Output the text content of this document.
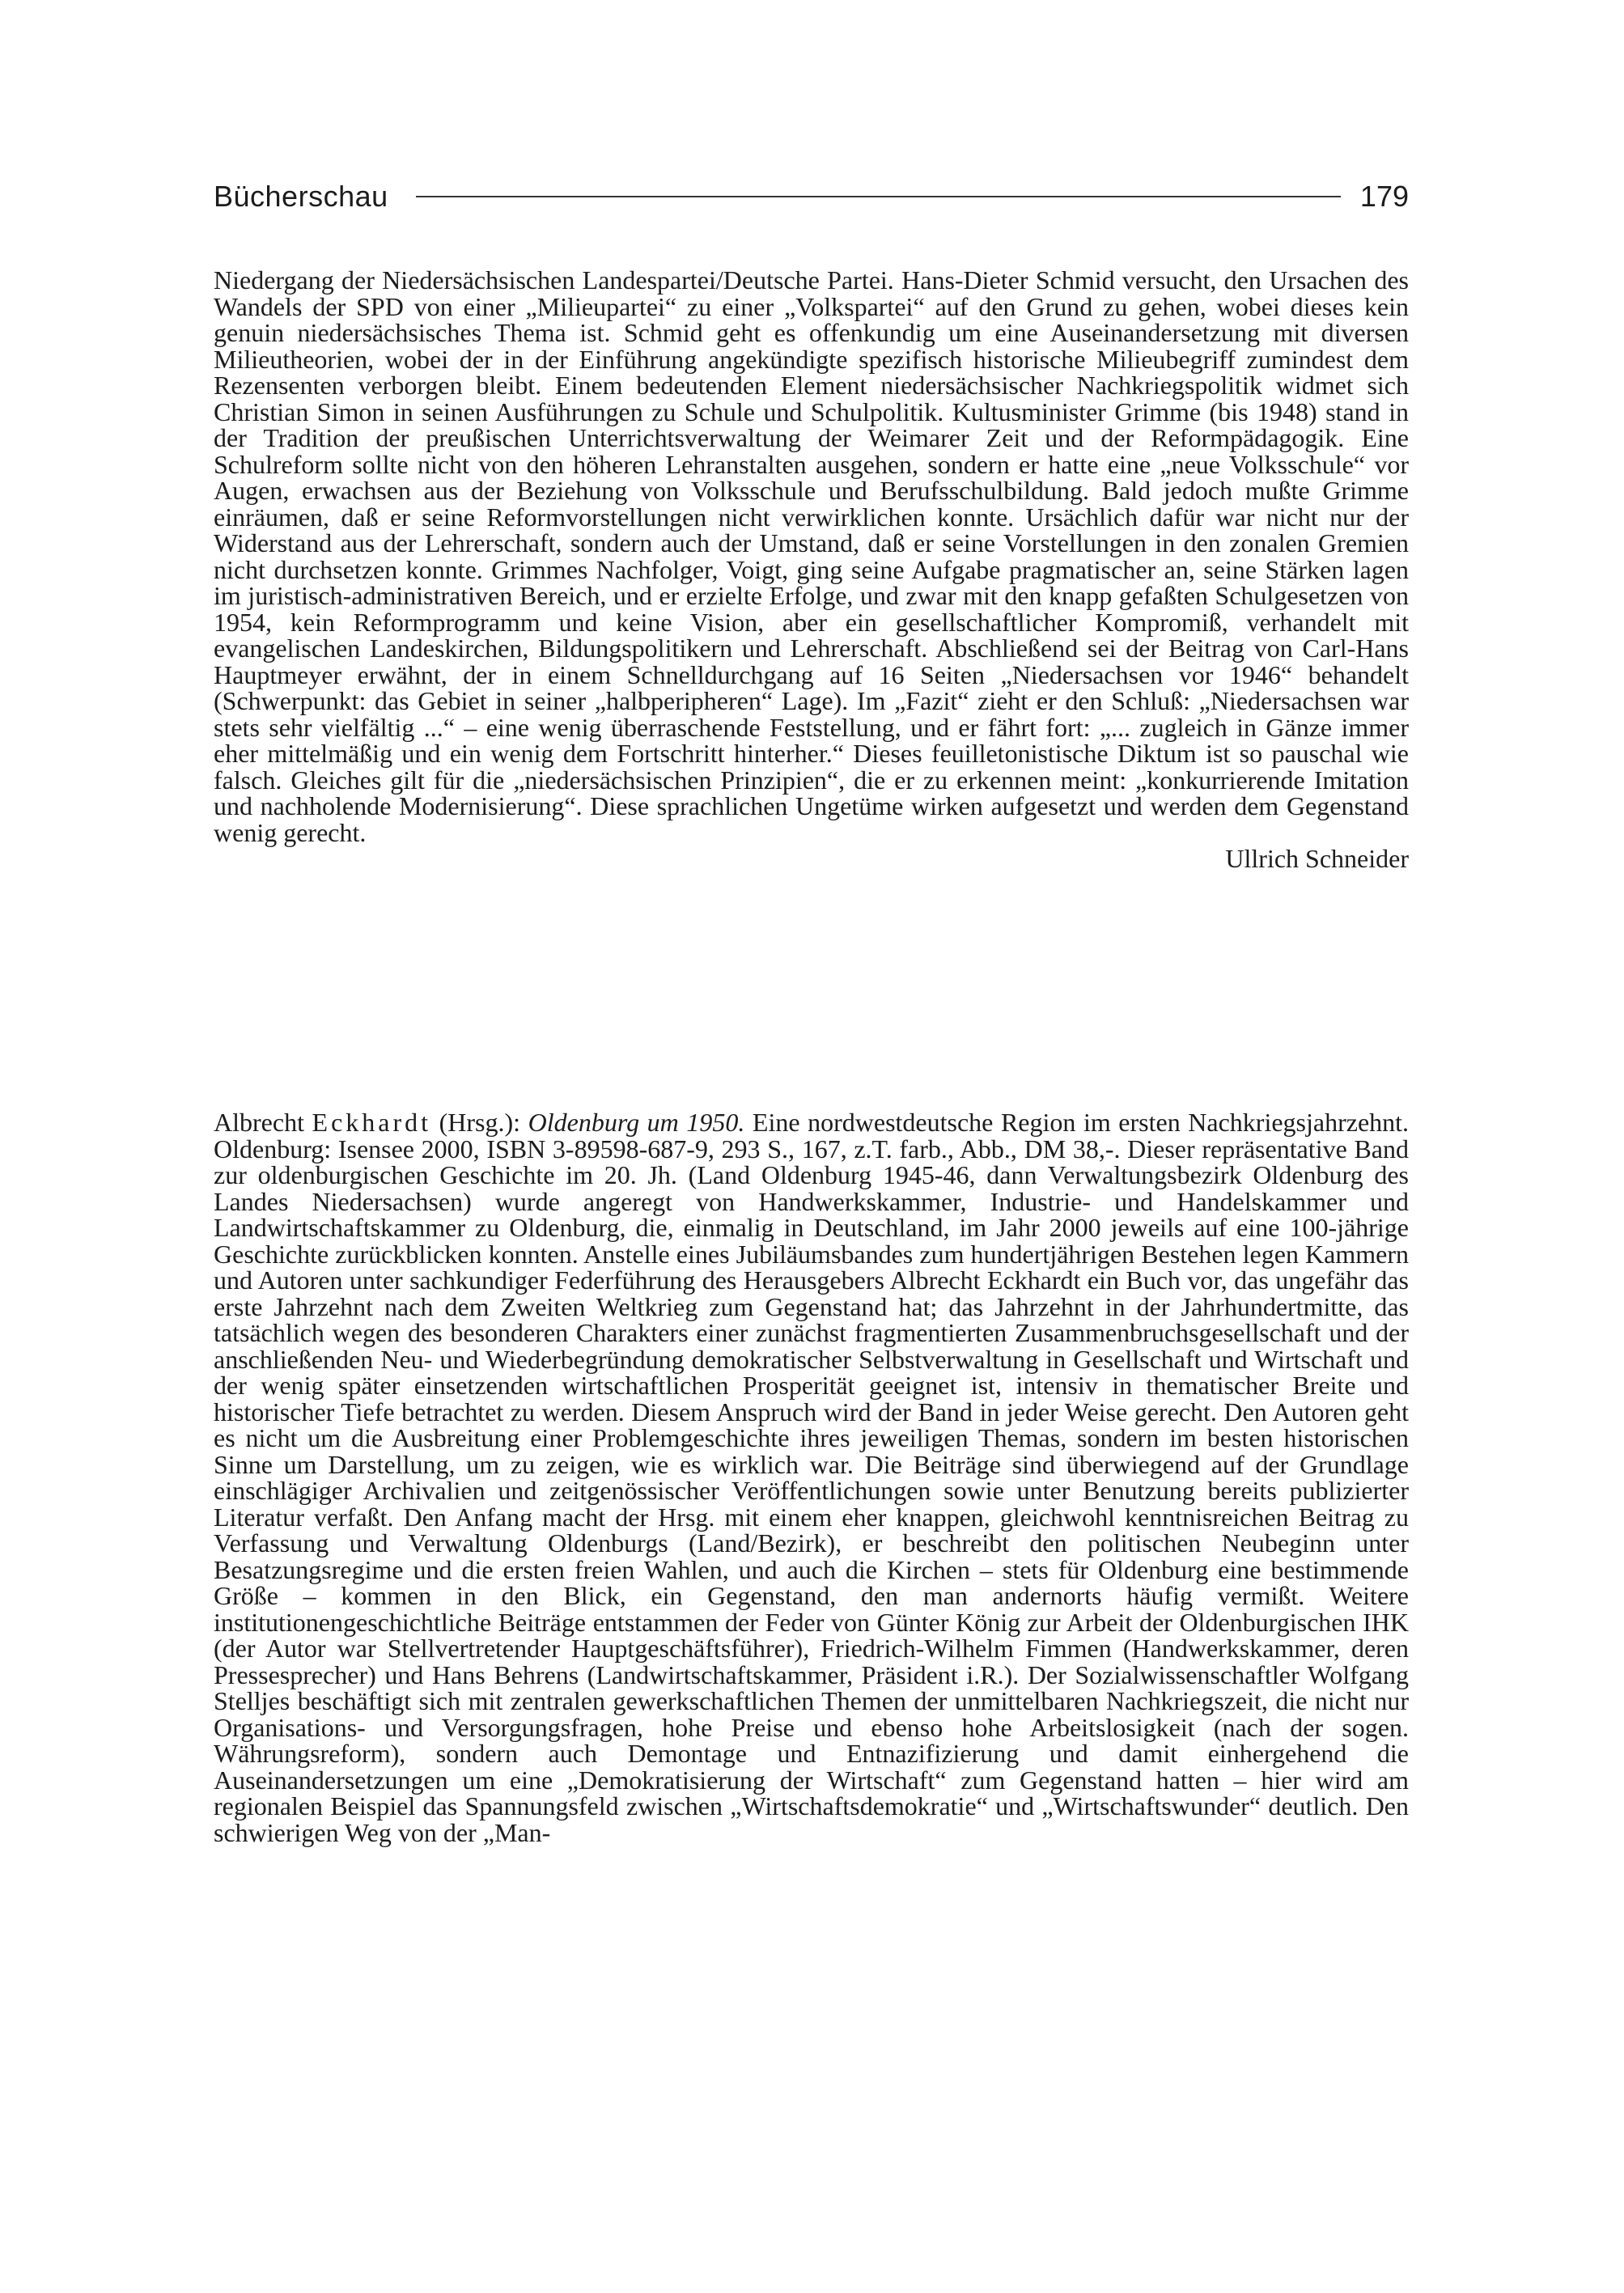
Bücherschau	179

Niedergang der Niedersächsischen Landespartei/Deutsche Partei. Hans-Dieter Schmid versucht, den Ursachen des Wandels der SPD von einer „Milieupartei“ zu einer „Volkspartei“ auf den Grund zu gehen, wobei dieses kein genuin niedersächsisches Thema ist. Schmid geht es offenkundig um eine Auseinandersetzung mit diversen Milieutheorien, wobei der in der Einführung angekündigte spezifisch historische Milieubegriff zumindest dem Rezensenten verborgen bleibt. Einem bedeutenden Element niedersächsischer Nachkriegspolitik widmet sich Christian Simon in seinen Ausführungen zu Schule und Schulpolitik. Kultusminister Grimme (bis 1948) stand in der Tradition der preußischen Unterrichtsverwaltung der Weimarer Zeit und der Reformpädagogik. Eine Schulreform sollte nicht von den höheren Lehranstalten ausgehen, sondern er hatte eine „neue Volksschule“ vor Augen, erwachsen aus der Beziehung von Volksschule und Berufsschulbildung. Bald jedoch mußte Grimme einräumen, daß er seine Reformvorstellungen nicht verwirklichen konnte. Ursächlich dafür war nicht nur der Widerstand aus der Lehrerschaft, sondern auch der Umstand, daß er seine Vorstellungen in den zonalen Gremien nicht durchsetzen konnte. Grimmes Nachfolger, Voigt, ging seine Aufgabe pragmatischer an, seine Stärken lagen im juristisch-administrativen Bereich, und er erzielte Erfolge, und zwar mit den knapp gefaßten Schulgesetzen von 1954, kein Reformprogramm und keine Vision, aber ein gesellschaftlicher Kompromiß, verhandelt mit evangelischen Landeskirchen, Bildungspolitikern und Lehrerschaft. Abschließend sei der Beitrag von Carl-Hans Hauptmeyer erwähnt, der in einem Schnelldurchgang auf 16 Seiten „Niedersachsen vor 1946“ behandelt (Schwerpunkt: das Gebiet in seiner „halbperipheren“ Lage). Im „Fazit“ zieht er den Schluß: „Niedersachsen war stets sehr vielfältig ...“ – eine wenig überraschende Feststellung, und er fährt fort: „... zugleich in Gänze immer eher mittelmäßig und ein wenig dem Fortschritt hinterher.“ Dieses feuilletonistische Diktum ist so pauschal wie falsch. Gleiches gilt für die „niedersächsischen Prinzipien“, die er zu erkennen meint: „konkurrierende Imitation und nachholende Modernisierung“. Diese sprachlichen Ungetüme wirken aufgesetzt und werden dem Gegenstand wenig gerecht.

Ullrich Schneider

Albrecht Eckhardt (Hrsg.): Oldenburg um 1950. Eine nordwestdeutsche Region im ersten Nachkriegsjahrzehnt. Oldenburg: Isensee 2000, ISBN 3-89598-687-9, 293 S., 167, z.T. farb., Abb., DM 38,-. Dieser repräsentative Band zur oldenburgischen Geschichte im 20. Jh. (Land Oldenburg 1945-46, dann Verwaltungsbezirk Oldenburg des Landes Niedersachsen) wurde angeregt von Handwerkskammer, Industrie- und Handelskammer und Landwirtschaftskammer zu Oldenburg, die, einmalig in Deutschland, im Jahr 2000 jeweils auf eine 100-jährige Geschichte zurückblicken konnten. Anstelle eines Jubiläumsbandes zum hundertjährigen Bestehen legen Kammern und Autoren unter sachkundiger Federführung des Herausgebers Albrecht Eckhardt ein Buch vor, das ungefähr das erste Jahrzehnt nach dem Zweiten Weltkrieg zum Gegenstand hat; das Jahrzehnt in der Jahrhundertmitte, das tatsächlich wegen des besonderen Charakters einer zunächst fragmentierten Zusammenbruchsgesellschaft und der anschließenden Neu- und Wiederbegründung demokratischer Selbstverwaltung in Gesellschaft und Wirtschaft und der wenig später einsetzenden wirtschaftlichen Prosperität geeignet ist, intensiv in thematischer Breite und historischer Tiefe betrachtet zu werden. Diesem Anspruch wird der Band in jeder Weise gerecht. Den Autoren geht es nicht um die Ausbreitung einer Problemgeschichte ihres jeweiligen Themas, sondern im besten historischen Sinne um Darstellung, um zu zeigen, wie es wirklich war. Die Beiträge sind überwiegend auf der Grundlage einschlägiger Archivalien und zeitgenössischer Veröffentlichungen sowie unter Benutzung bereits publizierter Literatur verfaßt. Den Anfang macht der Hrsg. mit einem eher knappen, gleichwohl kenntnisreichen Beitrag zu Verfassung und Verwaltung Oldenburgs (Land/Bezirk), er beschreibt den politischen Neubeginn unter Besatzungsregime und die ersten freien Wahlen, und auch die Kirchen – stets für Oldenburg eine bestimmende Größe – kommen in den Blick, ein Gegenstand, den man andernorts häufig vermißt. Weitere institutionengeschichtliche Beiträge entstammen der Feder von Günter König zur Arbeit der Oldenburgischen IHK (der Autor war Stellvertretender Hauptgeschäftsführer), Friedrich-Wilhelm Fimmen (Handwerkskammer, deren Pressesprecher) und Hans Behrens (Landwirtschaftskammer, Präsident i.R.). Der Sozialwissenschaftler Wolfgang Stelljes beschäftigt sich mit zentralen gewerkschaftlichen Themen der unmittelbaren Nachkriegszeit, die nicht nur Organisations- und Versorgungsfragen, hohe Preise und ebenso hohe Arbeitslosigkeit (nach der sogen. Währungsreform), sondern auch Demontage und Entnazifizierung und damit einhergehend die Auseinandersetzungen um eine „Demokratisierung der Wirtschaft“ zum Gegenstand hatten – hier wird am regionalen Beispiel das Spannungsfeld zwischen „Wirtschaftsdemokratie“ und „Wirtschaftswunder“ deutlich. Den schwierigen Weg von der „Man-
